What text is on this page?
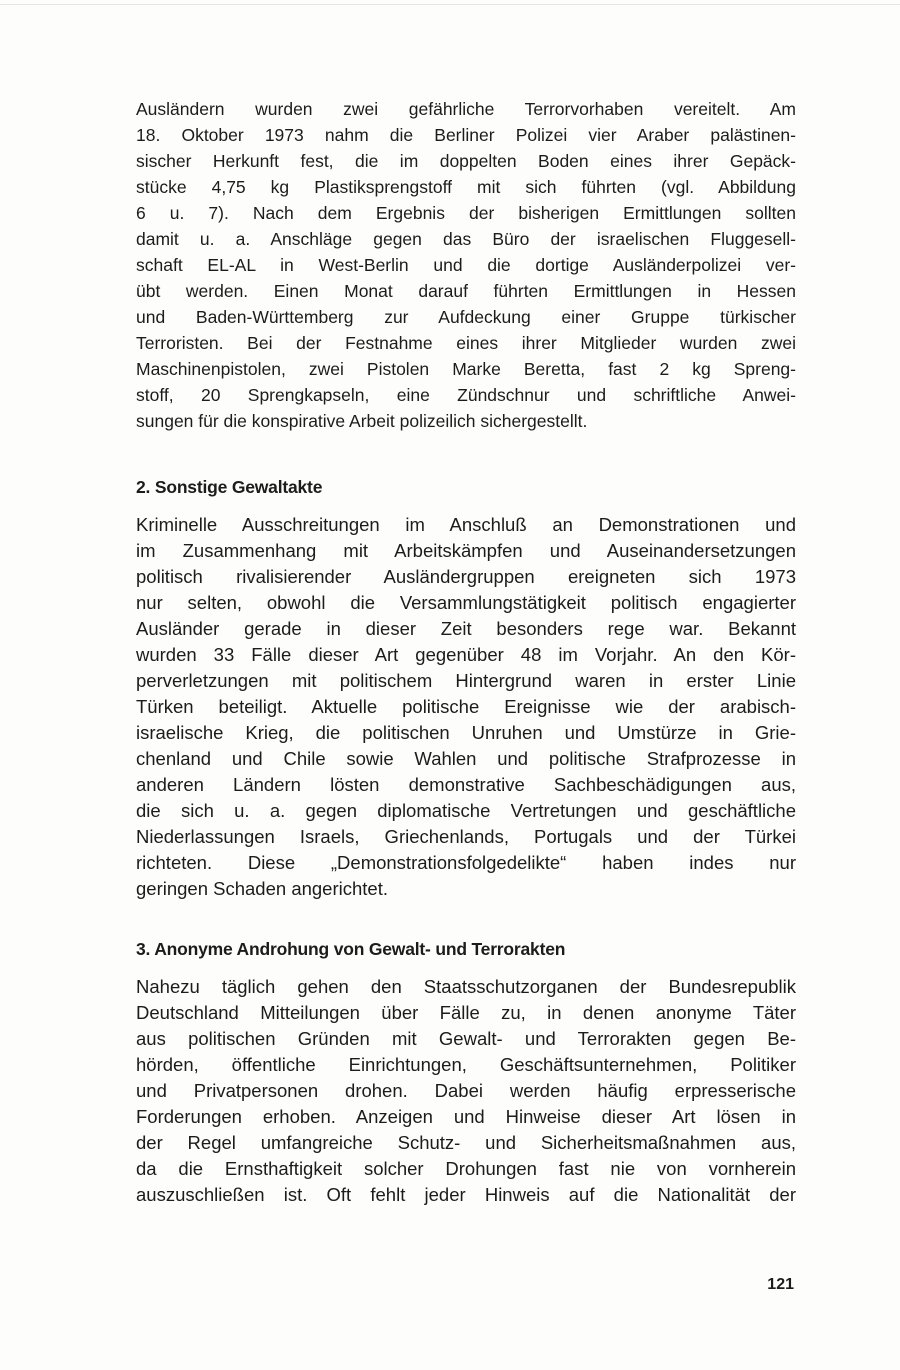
Ausländern wurden zwei gefährliche Terrorvorhaben vereitelt. Am
18. Oktober 1973 nahm die Berliner Polizei vier Araber palästinen-
sischer Herkunft fest, die im doppelten Boden eines ihrer Gepäck-
stücke 4,75 kg Plastiksprengstoff mit sich führten (vgl. Abbildung
6 u. 7). Nach dem Ergebnis der bisherigen Ermittlungen sollten
damit u. a. Anschläge gegen das Büro der israelischen Fluggesell-
schaft EL-AL in West-Berlin und die dortige Ausländerpolizei ver-
übt werden. Einen Monat darauf führten Ermittlungen in Hessen
und Baden-Württemberg zur Aufdeckung einer Gruppe türkischer
Terroristen. Bei der Festnahme eines ihrer Mitglieder wurden zwei
Maschinenpistolen, zwei Pistolen Marke Beretta, fast 2 kg Spreng-
stoff, 20 Sprengkapseln, eine Zündschnur und schriftliche Anwei-
sungen für die konspirative Arbeit polizeilich sichergestellt.

2. Sonstige Gewaltakte

Kriminelle Ausschreitungen im Anschluß an Demonstrationen und
im Zusammenhang mit Arbeitskämpfen und Auseinandersetzungen
politisch rivalisierender Ausländergruppen ereigneten sich 1973
nur selten, obwohl die Versammlungstätigkeit politisch engagierter
Ausländer gerade in dieser Zeit besonders rege war. Bekannt
wurden 33 Fälle dieser Art gegenüber 48 im Vorjahr. An den Kör-
perverletzungen mit politischem Hintergrund waren in erster Linie
Türken beteiligt. Aktuelle politische Ereignisse wie der arabisch-
israelische Krieg, die politischen Unruhen und Umstürze in Grie-
chenland und Chile sowie Wahlen und politische Strafprozesse in
anderen Ländern lösten demonstrative Sachbeschädigungen aus,
die sich u. a. gegen diplomatische Vertretungen und geschäftliche
Niederlassungen Israels, Griechenlands, Portugals und der Türkei
richteten. Diese „Demonstrationsfolgedelikte“ haben indes nur
geringen Schaden angerichtet.

3. Anonyme Androhung von Gewalt- und Terrorakten

Nahezu täglich gehen den Staatsschutzorganen der Bundesrepublik
Deutschland Mitteilungen über Fälle zu, in denen anonyme Täter
aus politischen Gründen mit Gewalt- und Terrorakten gegen Be-
hörden, öffentliche Einrichtungen, Geschäftsunternehmen, Politiker
und Privatpersonen drohen. Dabei werden häufig erpresserische
Forderungen erhoben. Anzeigen und Hinweise dieser Art lösen in
der Regel umfangreiche Schutz- und Sicherheitsmaßnahmen aus,
da die Ernsthaftigkeit solcher Drohungen fast nie von vornherein
auszuschließen ist. Oft fehlt jeder Hinweis auf die Nationalität der

121
